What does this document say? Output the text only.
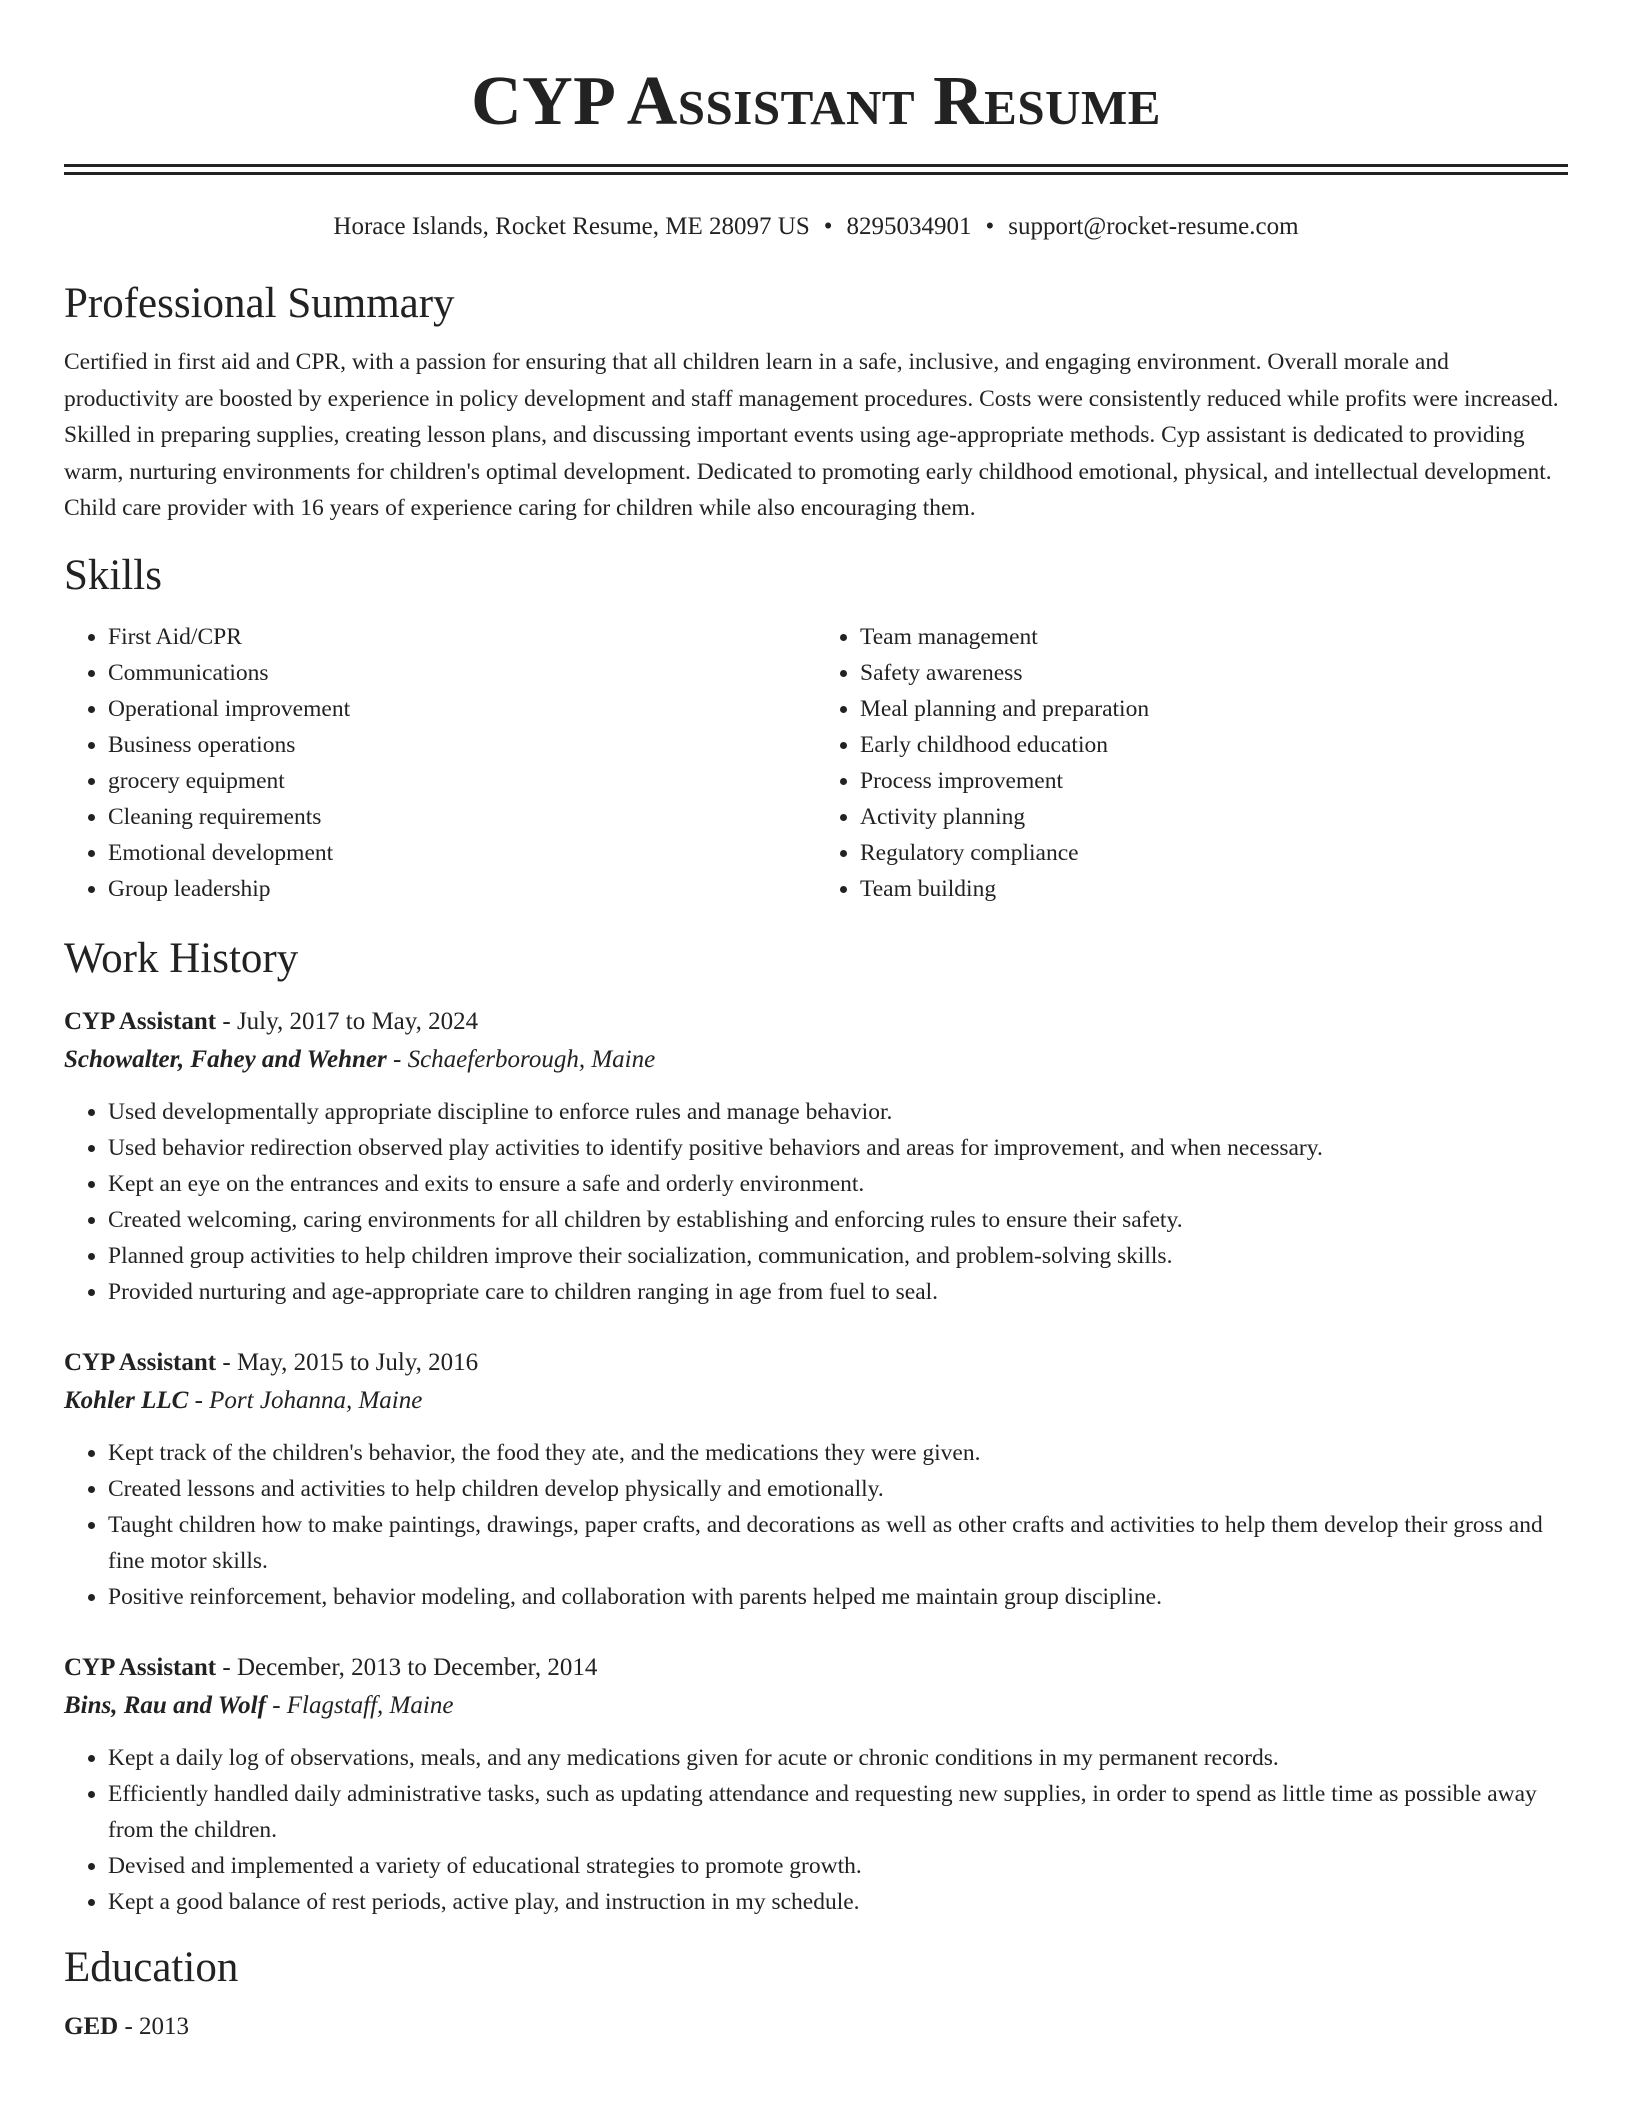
CYP Assistant Resume
Horace Islands, Rocket Resume, ME 28097 US • 8295034901 • support@rocket-resume.com
Professional Summary

Certified in first aid and CPR, with a passion for ensuring that all children learn in a safe, inclusive, and engaging environment. Overall morale and productivity are boosted by experience in policy development and staff management procedures. Costs were consistently reduced while profits were increased. Skilled in preparing supplies, creating lesson plans, and discussing important events using age-appropriate methods. Cyp assistant is dedicated to providing warm, nurturing environments for children's optimal development. Dedicated to promoting early childhood emotional, physical, and intellectual development. Child care provider with 16 years of experience caring for children while also encouraging them.

Skills
• First Aid/CPR
• Communications
• Operational improvement
• Business operations
• grocery equipment
• Cleaning requirements
• Emotional development
• Group leadership
• Team management
• Safety awareness
• Meal planning and preparation
• Early childhood education
• Process improvement
• Activity planning
• Regulatory compliance
• Team building
Work History
CYP Assistant - July, 2017 to May, 2024
Schowalter, Fahey and Wehner - Schaeferborough, Maine
• Used developmentally appropriate discipline to enforce rules and manage behavior.
• Used behavior redirection observed play activities to identify positive behaviors and areas for improvement, and when necessary.
• Kept an eye on the entrances and exits to ensure a safe and orderly environment.
• Created welcoming, caring environments for all children by establishing and enforcing rules to ensure their safety.
• Planned group activities to help children improve their socialization, communication, and problem-solving skills.
• Provided nurturing and age-appropriate care to children ranging in age from fuel to seal.
CYP Assistant - May, 2015 to July, 2016
Kohler LLC - Port Johanna, Maine
• Kept track of the children's behavior, the food they ate, and the medications they were given.
• Created lessons and activities to help children develop physically and emotionally.
• Taught children how to make paintings, drawings, paper crafts, and decorations as well as other crafts and activities to help them develop their gross and fine motor skills.
• Positive reinforcement, behavior modeling, and collaboration with parents helped me maintain group discipline.
CYP Assistant - December, 2013 to December, 2014
Bins, Rau and Wolf - Flagstaff, Maine
• Kept a daily log of observations, meals, and any medications given for acute or chronic conditions in my permanent records.
• Efficiently handled daily administrative tasks, such as updating attendance and requesting new supplies, in order to spend as little time as possible away from the children.
• Devised and implemented a variety of educational strategies to promote growth.
• Kept a good balance of rest periods, active play, and instruction in my schedule.
Education
GED - 2013
